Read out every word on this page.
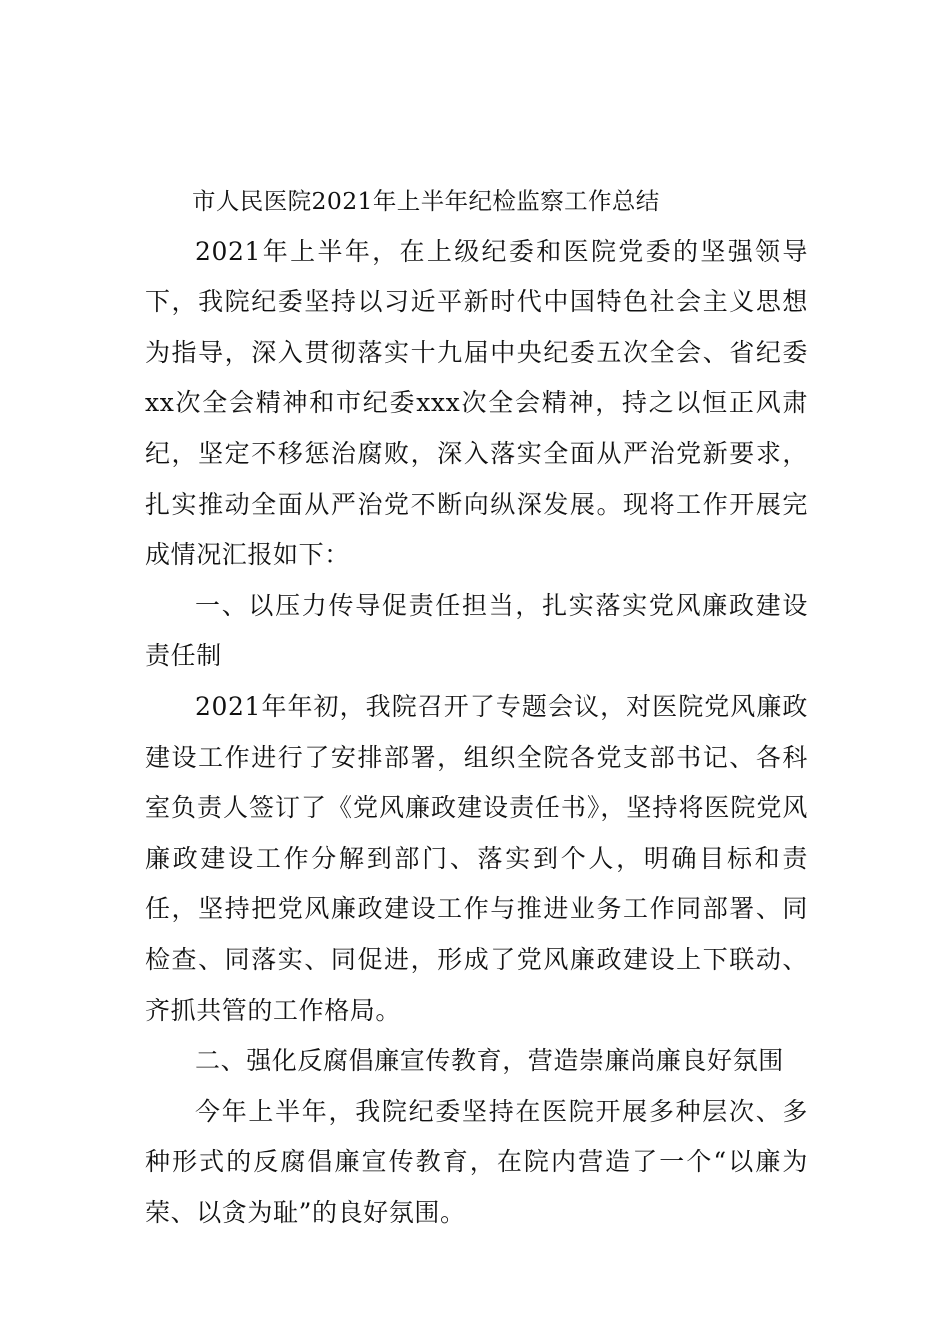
市人民医院2021年上半年纪检监察工作总结

2021年上半年，在上级纪委和医院党委的坚强领导下，我院纪委坚持以习近平新时代中国特色社会主义思想为指导，深入贯彻落实十九届中央纪委五次全会、省纪委xx次全会精神和市纪委xxx次全会精神，持之以恒正风肃纪，坚定不移惩治腐败，深入落实全面从严治党新要求，扎实推动全面从严治党不断向纵深发展。现将工作开展完成情况汇报如下：

一、以压力传导促责任担当，扎实落实党风廉政建设责任制

2021年年初，我院召开了专题会议，对医院党风廉政建设工作进行了安排部署，组织全院各党支部书记、各科室负责人签订了《党风廉政建设责任书》，坚持将医院党风廉政建设工作分解到部门、落实到个人，明确目标和责任，坚持把党风廉政建设工作与推进业务工作同部署、同检查、同落实、同促进，形成了党风廉政建设上下联动、齐抓共管的工作格局。

二、强化反腐倡廉宣传教育，营造崇廉尚廉良好氛围

今年上半年，我院纪委坚持在医院开展多种层次、多种形式的反腐倡廉宣传教育，在院内营造了一个“以廉为荣、以贪为耻”的良好氛围。
